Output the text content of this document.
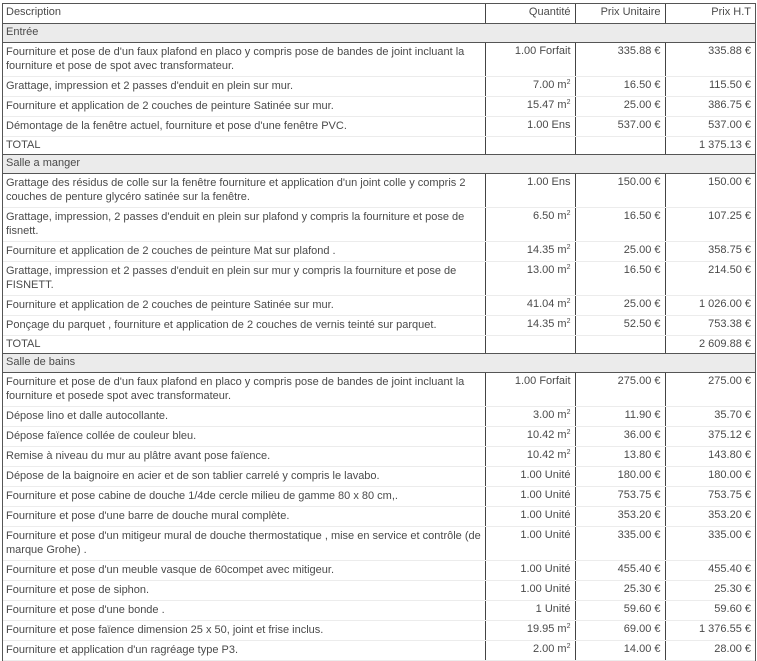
Description	Quantité	Prix Unitaire	Prix H.T
Entrée			
Fourniture et pose de d'un faux plafond en placo y compris pose de bandes de joint incluant la fourniture et pose de spot avec transformateur.	1.00 Forfait	335.88 €	335.88 €
Grattage, impression et 2 passes d'enduit en plein sur mur.	7.00 $m^2$	16.50 €	115.50 €
Fourniture et application de 2 couches de peinture Satinée sur mur.	15.47 $m^2$	25.00 €	386.75 €
Démontage de la fenêtre actuel, fourniture et pose d'une fenêtre PVC.	1.00 Ens	537.00 €	537.00 €
TOTAL			1 375.13 €
Salle a manger			
Grattage des résidus de colle sur la fenêtre fourniture et application d'un joint colle y compris 2 couches de penture glycéro satinée sur la fenêtre.	1.00 Ens	150.00 €	150.00 €
Grattage, impression, 2 passes d'enduit en plein sur plafond y compris la fourniture et pose de fisnett.	6.50 $m^2$	16.50 €	107.25 €
Fourniture et application de 2 couches de peinture Mat sur plafond .	14.35 $m^2$	25.00 €	358.75 €
Grattage, impression et 2 passes d'enduit en plein sur mur y compris la fourniture et pose de FISNETT.	13.00 $m^2$	16.50 €	214.50 €
Fourniture et application de 2 couches de peinture Satinée sur mur.	41.04 $m^2$	25.00 €	1 026.00 €
Ponçage du parquet , fourniture et application de 2 couches de vernis teinté sur parquet.	14.35 $m^2$	52.50 €	753.38 €
TOTAL			2 609.88 €
Salle de bains			
Fourniture et pose de d'un faux plafond en placo y compris pose de bandes de joint incluant la fourniture et posede spot avec transformateur.	1.00 Forfait	275.00 €	275.00 €
Dépose lino et dalle autocollante.	3.00 $m^2$	11.90 €	35.70 €
Dépose faïence collée de couleur bleu.	10.42 $m^2$	36.00 €	375.12 €
Remise à niveau du mur au plâtre avant pose faïence.	10.42 $m^2$	13.80 €	143.80 €
Dépose de la baignoire en acier et de son tablier carrelé y compris le lavabo.	1.00 Unité	180.00 €	180.00 €
Fourniture et pose cabine de douche 1/4de cercle milieu de gamme 80 x 80 cm,.	1.00 Unité	753.75 €	753.75 €
Fourniture et pose d'une barre de douche mural complète.	1.00 Unité	353.20 €	353.20 €
Fourniture et pose d'un mitigeur mural de douche thermostatique , mise en service et contrôle (de marque Grohe) .	1.00 Unité	335.00 €	335.00 €
Fourniture et pose d'un meuble vasque de 60compet avec mitigeur.	1.00 Unité	455.40 €	455.40 €
Fourniture et pose de siphon.	1.00 Unité	25.30 €	25.30 €
Fourniture et pose d'une bonde .	1 Unité	59.60 €	59.60 €
Fourniture et pose faïence dimension 25 x 50, joint et frise inclus.	19.95 $m^2$	69.00 €	1 376.55 €
Fourniture et application d'un ragréage type P3.	2.00 $m^2$	14.00 €	28.00 €
